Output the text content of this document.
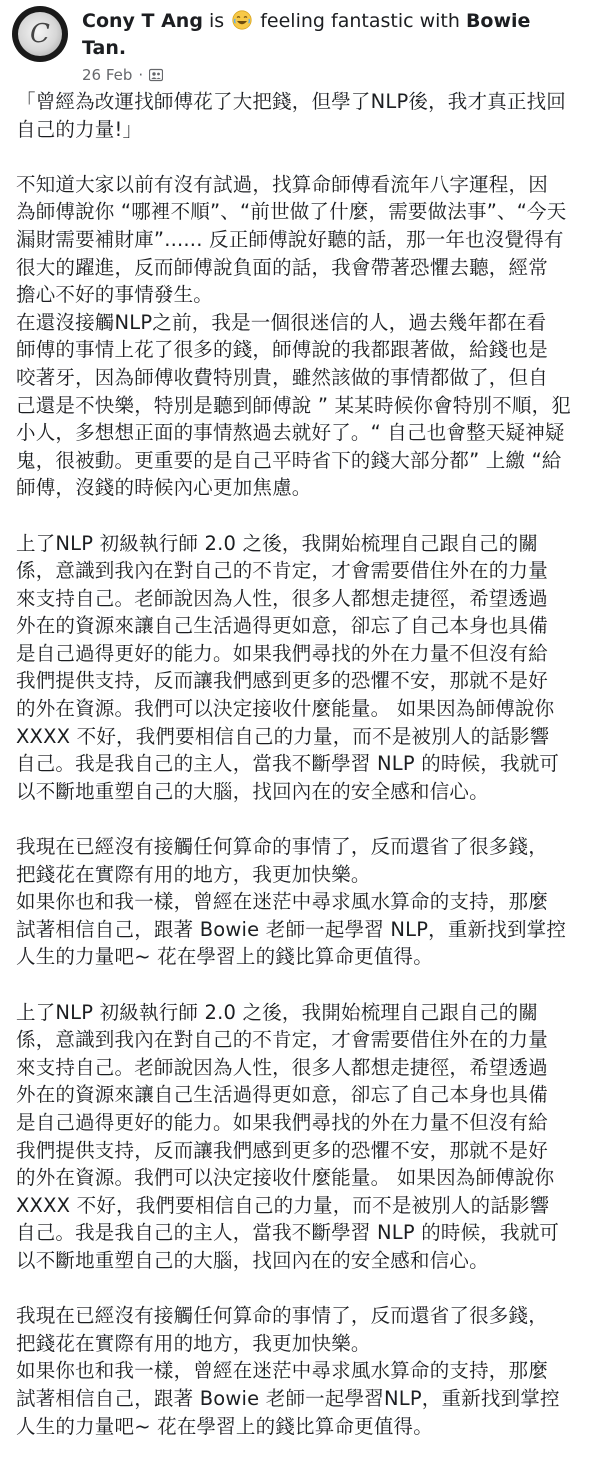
C	Cony T Ang is  feeling fantastic with Bowie
Tan.
26 Feb ·

「曾經為改運找師傅花了大把錢，但學了NLP後，我才真正找回
自己的力量!」

不知道大家以前有沒有試過，找算命師傅看流年八字運程，因
為師傅說你 “哪裡不順”、“前世做了什麼，需要做法事”、“今天
漏財需要補財庫”...... 反正師傅說好聽的話，那一年也沒覺得有
很大的躍進，反而師傅說負面的話，我會帶著恐懼去聽，經常
擔心不好的事情發生。
在還沒接觸NLP之前，我是一個很迷信的人，過去幾年都在看
師傅的事情上花了很多的錢，師傅說的我都跟著做，給錢也是
咬著牙，因為師傅收費特別貴，雖然該做的事情都做了，但自
己還是不快樂，特別是聽到師傅說 ” 某某時候你會特別不順，犯
小人，多想想正面的事情熬過去就好了。“ 自己也會整天疑神疑
鬼，很被動。更重要的是自己平時省下的錢大部分都” 上繳 “給
師傅，沒錢的時候內心更加焦慮。

上了NLP 初級執行師 2.0 之後，我開始梳理自己跟自己的關
係，意識到我內在對自己的不肯定，才會需要借住外在的力量
來支持自己。老師說因為人性，很多人都想走捷徑，希望透過
外在的資源來讓自己生活過得更如意，卻忘了自己本身也具備
是自己過得更好的能力。如果我們尋找的外在力量不但沒有給
我們提供支持，反而讓我們感到更多的恐懼不安，那就不是好
的外在資源。我們可以決定接收什麼能量。 如果因為師傅說你
XXXX 不好，我們要相信自己的力量，而不是被別人的話影響
自己。我是我自己的主人，當我不斷學習 NLP 的時候，我就可
以不斷地重塑自己的大腦，找回內在的安全感和信心。

我現在已經沒有接觸任何算命的事情了，反而還省了很多錢，
把錢花在實際有用的地方，我更加快樂。
如果你也和我一樣，曾經在迷茫中尋求風水算命的支持，那麼
試著相信自己，跟著 Bowie 老師一起學習 NLP，重新找到掌控
人生的力量吧~ 花在學習上的錢比算命更值得。

上了NLP 初級執行師 2.0 之後，我開始梳理自己跟自己的關
係，意識到我內在對自己的不肯定，才會需要借住外在的力量
來支持自己。老師說因為人性，很多人都想走捷徑，希望透過
外在的資源來讓自己生活過得更如意，卻忘了自己本身也具備
是自己過得更好的能力。如果我們尋找的外在力量不但沒有給
我們提供支持，反而讓我們感到更多的恐懼不安，那就不是好
的外在資源。我們可以決定接收什麼能量。 如果因為師傅說你
XXXX 不好，我們要相信自己的力量，而不是被別人的話影響
自己。我是我自己的主人，當我不斷學習 NLP 的時候，我就可
以不斷地重塑自己的大腦，找回內在的安全感和信心。

我現在已經沒有接觸任何算命的事情了，反而還省了很多錢，
把錢花在實際有用的地方，我更加快樂。
如果你也和我一樣，曾經在迷茫中尋求風水算命的支持，那麼
試著相信自己，跟著 Bowie 老師一起學習NLP，重新找到掌控
人生的力量吧~ 花在學習上的錢比算命更值得。
